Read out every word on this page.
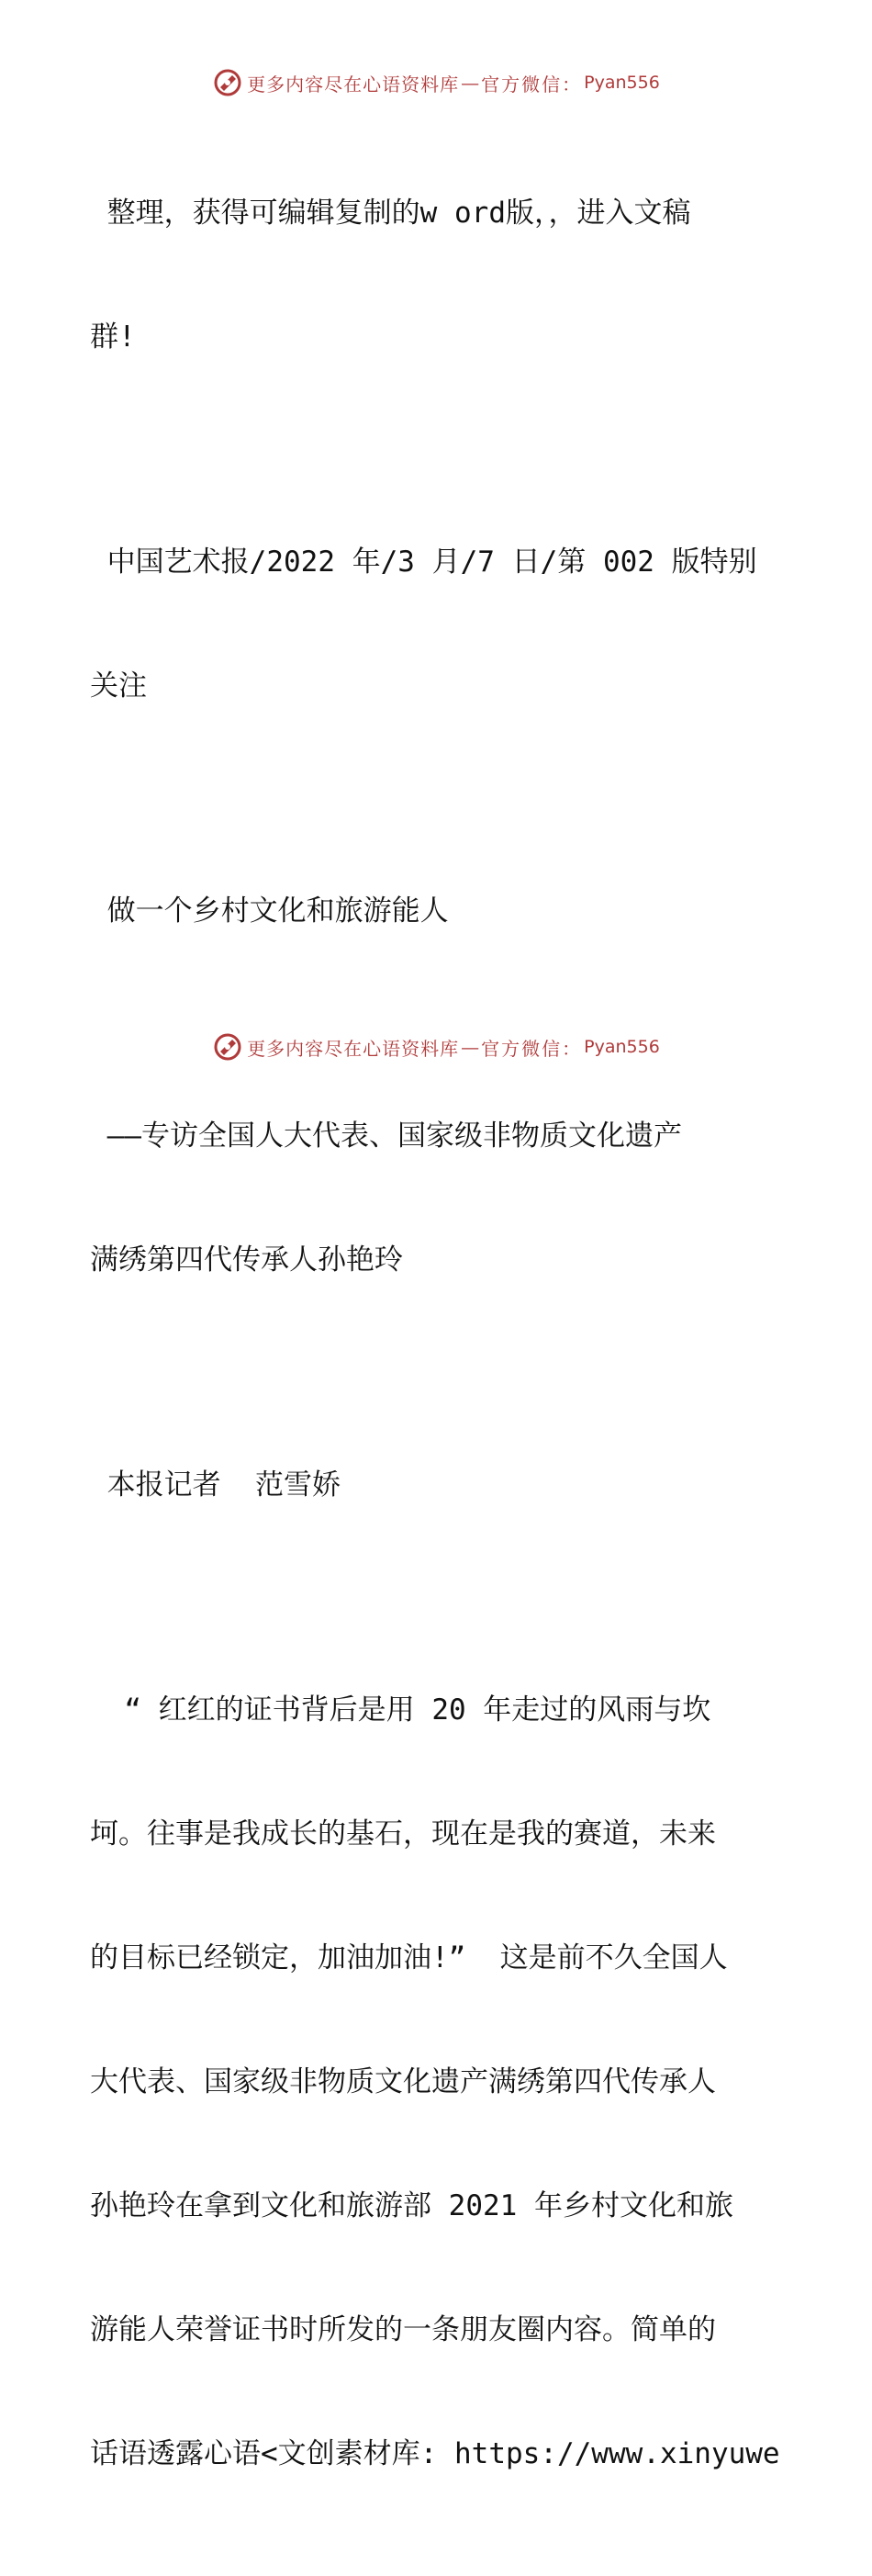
更多内容尽在心语资料库 — 官方微信： Pyan556

整理，获得可编辑复制的w ord版，，进入文稿

群!

中国艺术报/2022 年/3 月/7 日/第 002 版特别

关注

做一个乡村文化和旅游能人

——专访全国人大代表、国家级非物质文化遗产

满绣第四代传承人孙艳玲

本报记者  范雪娇

“ 红红的证书背后是用 20 年走过的风雨与坎

坷。往事是我成长的基石，现在是我的赛道，未来

的目标已经锁定，加油加油!”  这是前不久全国人

大代表、国家级非物质文化遗产满绣第四代传承人

孙艳玲在拿到文化和旅游部 2021 年乡村文化和旅

游能人荣誉证书时所发的一条朋友圈内容。简单的

话语透露心语<文创素材库: https://www.xinyuwe

更多内容尽在心语资料库 — 官方微信： Pyan556
